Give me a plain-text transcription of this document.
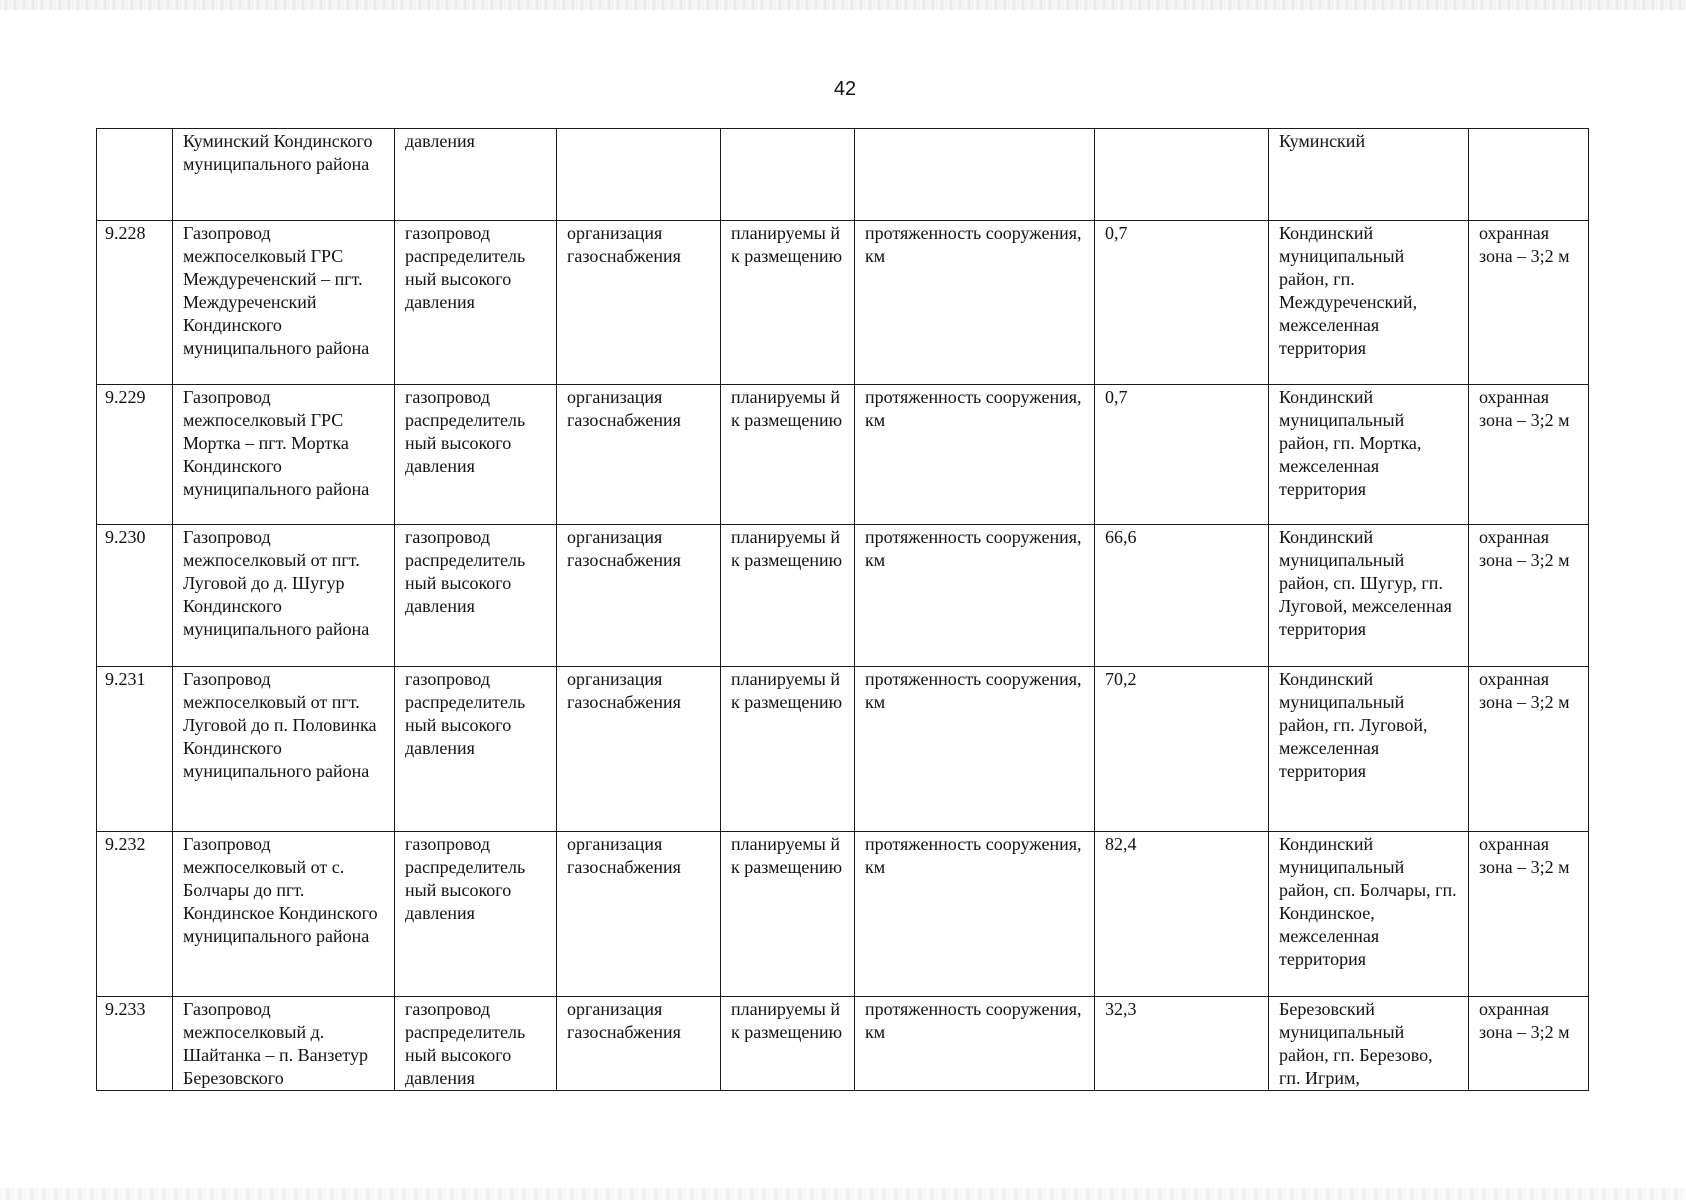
42
	Куминский Кондинского муниципального района	давления					Куминский	
9.228	Газопровод межпоселковый ГРС Междуреченский – пгт. Междуреченский Кондинского муниципального района	газопровод распределитель ный высокого давления	организация газоснабжения	планируемы й к размещению	протяженность сооружения, км	0,7	Кондинский муниципальный район, гп. Междуреченский, межселенная территория	охранная зона – 3;2 м
9.229	Газопровод межпоселковый ГРС Мортка – пгт. Мортка Кондинского муниципального района	газопровод распределитель ный высокого давления	организация газоснабжения	планируемы й к размещению	протяженность сооружения, км	0,7	Кондинский муниципальный район, гп. Мортка, межселенная территория	охранная зона – 3;2 м
9.230	Газопровод межпоселковый от пгт. Луговой до д. Шугур Кондинского муниципального района	газопровод распределитель ный высокого давления	организация газоснабжения	планируемы й к размещению	протяженность сооружения, км	66,6	Кондинский муниципальный район, сп. Шугур, гп. Луговой, межселенная территория	охранная зона – 3;2 м
9.231	Газопровод межпоселковый от пгт. Луговой до п. Половинка Кондинского муниципального района	газопровод распределитель ный высокого давления	организация газоснабжения	планируемы й к размещению	протяженность сооружения, км	70,2	Кондинский муниципальный район, гп. Луговой, межселенная территория	охранная зона – 3;2 м
9.232	Газопровод межпоселковый от с. Болчары до пгт. Кондинское Кондинского муниципального района	газопровод распределитель ный высокого давления	организация газоснабжения	планируемы й к размещению	протяженность сооружения, км	82,4	Кондинский муниципальный район, сп. Болчары, гп. Кондинское, межселенная территория	охранная зона – 3;2 м
9.233	Газопровод межпоселковый д. Шайтанка – п. Ванзетур Березовского	газопровод распределитель ный высокого давления	организация газоснабжения	планируемы й к размещению	протяженность сооружения, км	32,3	Березовский муниципальный район, гп. Березово, гп. Игрим,	охранная зона – 3;2 м
